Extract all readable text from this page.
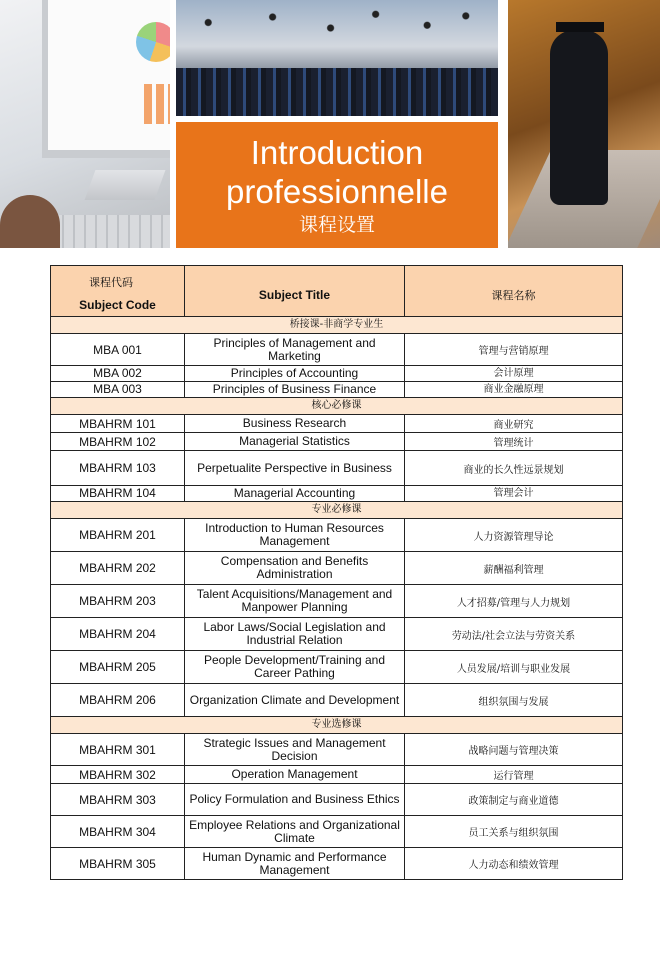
Introduction
professionnelle
课程设置
课程代码
Subject Code	Subject Title	课程名称
桥接课-非商学专业生		
MBA 001	Principles of Management and Marketing	管理与营销原理
MBA 002	Principles of Accounting	会计原理
MBA 003	Principles of Business Finance	商业金融原理
核心必修课		
MBAHRM 101	Business Research	商业研究
MBAHRM 102	Managerial Statistics	管理统计
MBAHRM 103	Perpetualite Perspective in Business	商业的长久性远景规划
MBAHRM 104	Managerial Accounting	管理会计
专业必修课		
MBAHRM 201	Introduction to Human Resources Management	人力资源管理导论
MBAHRM 202	Compensation and Benefits Administration	薪酬福利管理
MBAHRM 203	Talent Acquisitions/Management and Manpower Planning	人才招募/管理与人力规划
MBAHRM 204	Labor Laws/Social Legislation and Industrial Relation	劳动法/社会立法与劳资关系
MBAHRM 205	People Development/Training and Career Pathing	人员发展/培训与职业发展
MBAHRM 206	Organization Climate and Development	组织氛围与发展
专业选修课		
MBAHRM 301	Strategic Issues and Management Decision	战略问题与管理决策
MBAHRM 302	Operation Management	运行管理
MBAHRM 303	Policy Formulation and Business Ethics	政策制定与商业道德
MBAHRM 304	Employee Relations and Organizational Climate	员工关系与组织氛围
MBAHRM 305	Human Dynamic and Performance Management	人力动态和绩效管理
